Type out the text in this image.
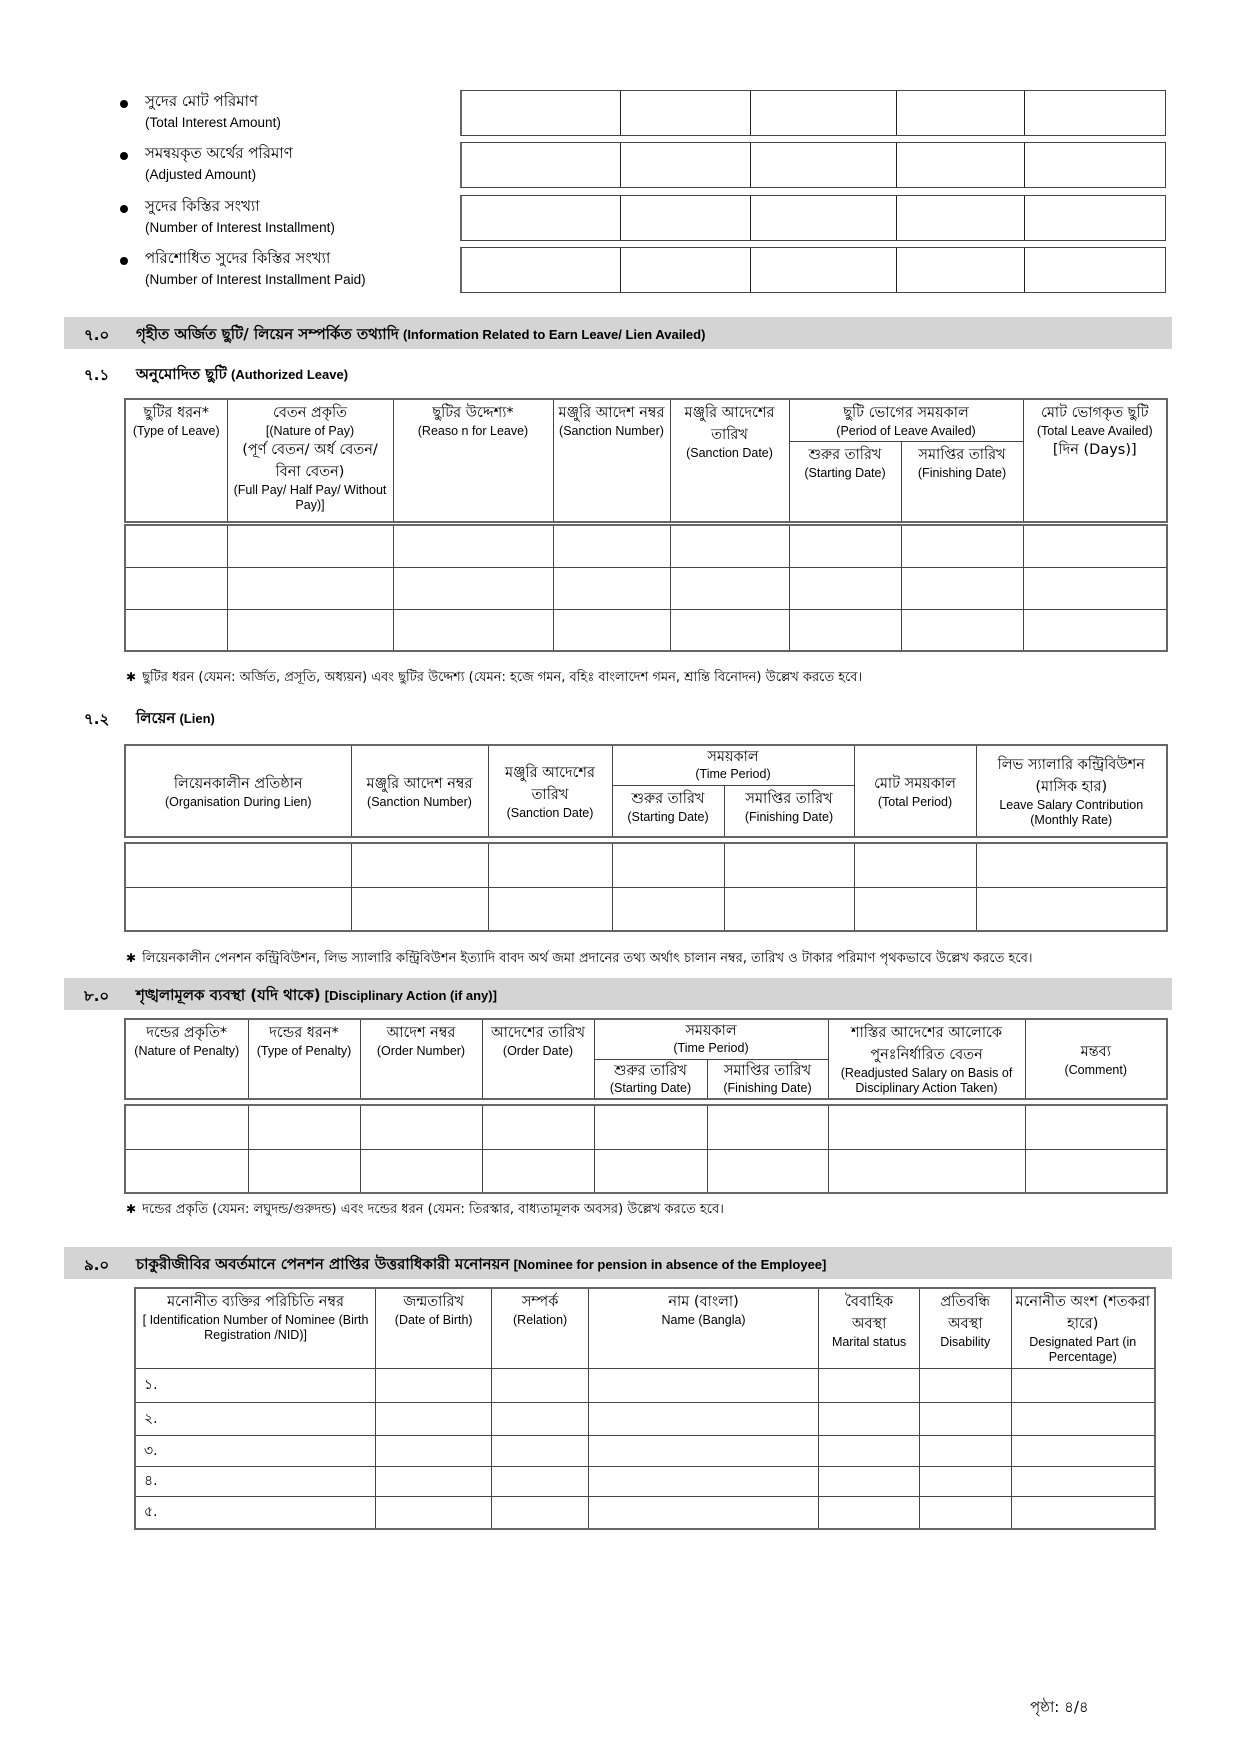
সুদের মোট পরিমাণ
(Total Interest Amount)
সমন্বয়কৃত অর্থের পরিমাণ
(Adjusted Amount)
সুদের কিস্তির সংখ্যা
(Number of Interest Installment)
পরিশোধিত সুদের কিস্তির সংখ্যা
(Number of Interest Installment Paid)
৭.০ গৃহীত অর্জিত ছুটি/ লিয়েন সম্পর্কিত তথ্যাদি (Information Related to Earn Leave/ Lien Availed)
৭.১ অনুমোদিত ছুটি (Authorized Leave)
ছুটির ধরন*
(Type of Leave)	বেতন প্রকৃতি
[(Nature of Pay)
(পূর্ণ বেতন/ অর্ধ বেতন/ বিনা বেতন)
(Full Pay/ Half Pay/ Without Pay)]	ছুটির উদ্দেশ্য*
(Reaso n for Leave)	মঞ্জুরি আদেশ নম্বর
(Sanction Number)	মঞ্জুরি আদেশের তারিখ
(Sanction Date)	ছুটি ভোগের সময়কাল
(Period of Leave Availed)		মোট ভোগকৃত ছুটি
(Total Leave Availed)
[দিন (Days)]

					শুরুর তারিখ
(Starting Date)	সমাপ্তির তারিখ
(Finishing Date)	

✱ ছুটির ধরন (যেমন: অর্জিত, প্রসূতি, অধ্যয়ন) এবং ছুটির উদ্দেশ্য (যেমন: হজে গমন, বহিঃ বাংলাদেশ গমন, শ্রান্তি বিনোদন) উল্লেখ করতে হবে।
৭.২ লিয়েন (Lien)
লিয়েনকালীন প্রতিষ্ঠান
(Organisation During Lien)	মঞ্জুরি আদেশ নম্বর
(Sanction Number)	মঞ্জুরি আদেশের তারিখ
(Sanction Date)	সময়কাল
(Time Period)		মোট সময়কাল
(Total Period)	লিভ স্যালারি কন্ট্রিবিউশন
(মাসিক হার)
Leave Salary Contribution
(Monthly Rate)

			শুরুর তারিখ
(Starting Date)	সমাপ্তির তারিখ
(Finishing Date)		

✱ লিয়েনকালীন পেনশন কন্ট্রিবিউশন, লিভ স্যালারি কন্ট্রিবিউশন ইত্যাদি বাবদ অর্থ জমা প্রদানের তথ্য অর্থাৎ চালান নম্বর, তারিখ ও টাকার পরিমাণ পৃথকভাবে উল্লেখ করতে হবে।
৮.০ শৃঙ্খলামূলক ব্যবস্থা (যদি থাকে) [Disciplinary Action (if any)]
দন্ডের প্রকৃতি*
(Nature of Penalty)	দন্ডের ধরন*
(Type of Penalty)	আদেশ নম্বর
(Order Number)	আদেশের তারিখ
(Order Date)	সময়কাল
(Time Period)		শাস্তির আদেশের আলোকে পুনঃনির্ধারিত বেতন
(Readjusted Salary on Basis of Disciplinary Action Taken)	মন্তব্য
(Comment)

				শুরুর তারিখ
(Starting Date)	সমাপ্তির তারিখ
(Finishing Date)		

✱ দন্ডের প্রকৃতি (যেমন: লঘুদন্ড/গুরুদন্ড) এবং দন্ডের ধরন (যেমন: তিরস্কার, বাধ্যতামূলক অবসর) উল্লেখ করতে হবে।
৯.০ চাকুরীজীবির অবর্তমানে পেনশন প্রাপ্তির উত্তরাধিকারী মনোনয়ন [Nominee for pension in absence of the Employee]
মনোনীত ব্যক্তির পরিচিতি নম্বর
[ Identification Number of Nominee (Birth Registration /NID)]	জন্মতারিখ
(Date of Birth)	সম্পর্ক
(Relation)	নাম (বাংলা)
Name (Bangla)	বৈবাহিক অবস্থা
Marital status	প্রতিবন্ধি অবস্থা
Disability	মনোনীত অংশ (শতকরা হারে)
Designated Part (in Percentage)

১.						
২.						
৩.						
৪.						
৫.						
পৃষ্ঠা: ৪/৪
